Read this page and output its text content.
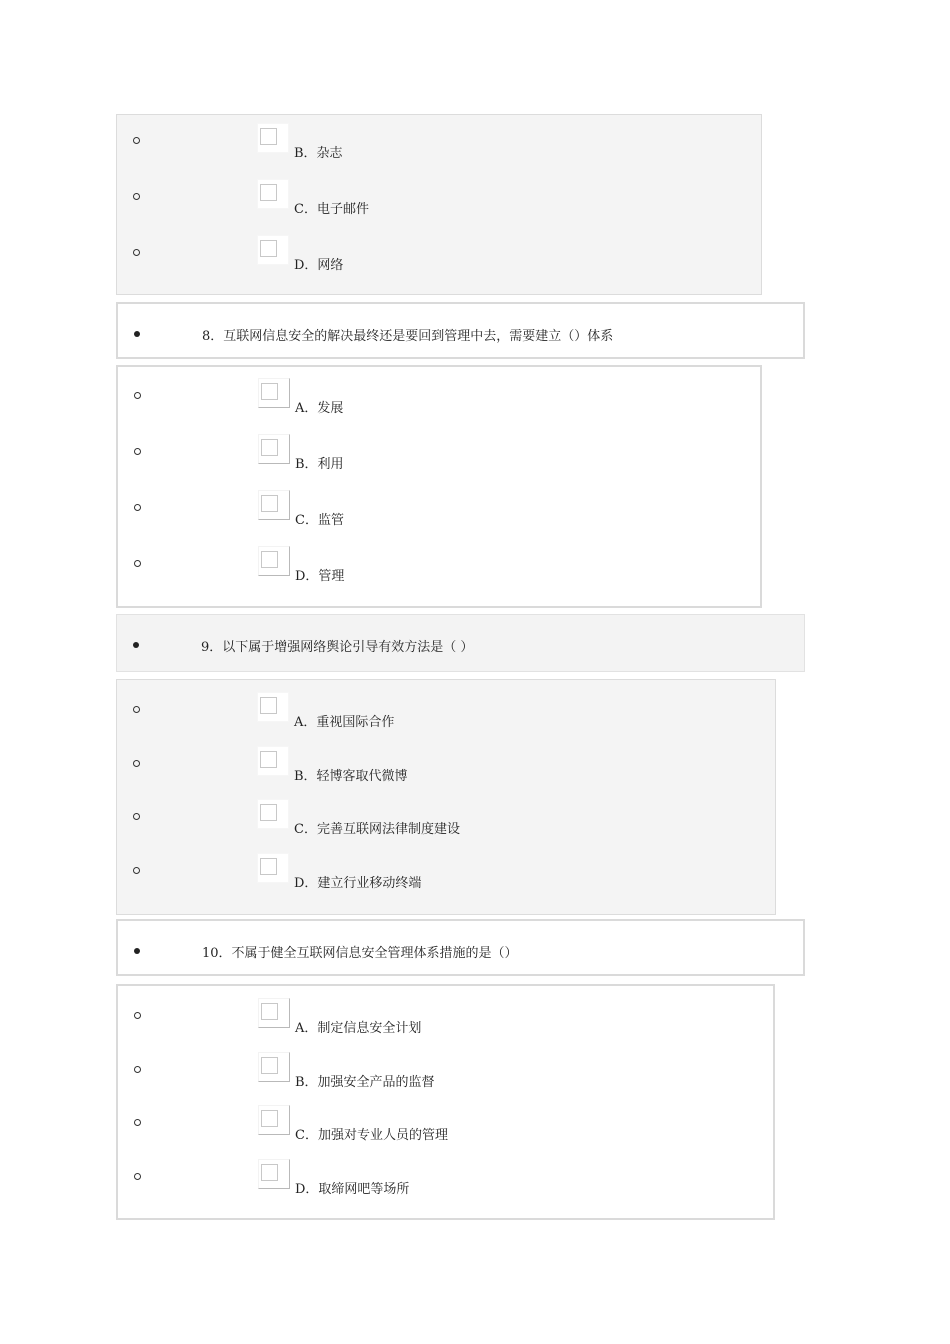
B．杂志
C．电子邮件
D．网络
8．互联网信息安全的解决最终还是要回到管理中去，需要建立（）体系
A．发展
B．利用
C．监管
D．管理
9．以下属于增强网络舆论引导有效方法是（ ）
A．重视国际合作
B．轻博客取代微博
C．完善互联网法律制度建设
D．建立行业移动终端
10．不属于健全互联网信息安全管理体系措施的是（）
A．制定信息安全计划
B．加强安全产品的监督
C．加强对专业人员的管理
D．取缔网吧等场所
